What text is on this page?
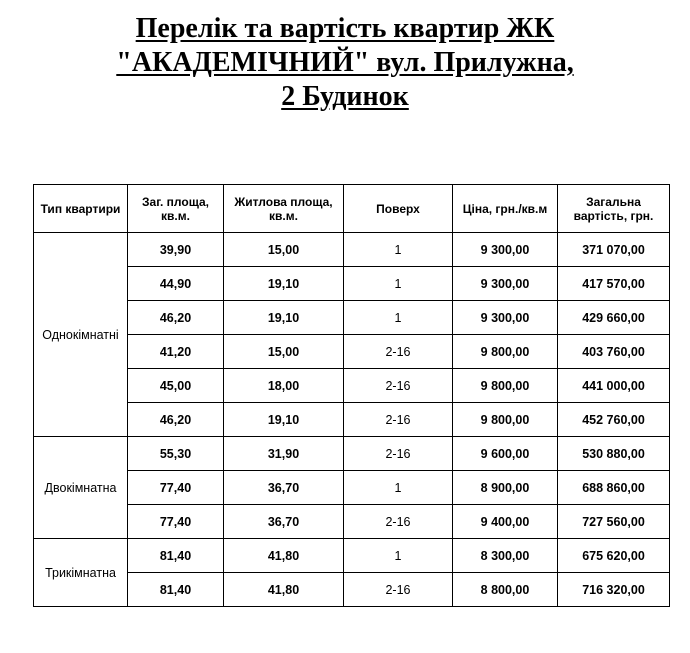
Перелік та вартість квартир ЖК
"АКАДЕМІЧНИЙ" вул. Прилужна,
2 Будинок
Тип квартири	Заг. площа, кв.м.	Житлова площа, кв.м.	Поверх	Ціна, грн./кв.м	Загальна вартість, грн.
Однокімнатні	39,90	15,00	1	9 300,00	371 070,00
	44,90	19,10	1	9 300,00	417 570,00
	46,20	19,10	1	9 300,00	429 660,00
	41,20	15,00	2-16	9 800,00	403 760,00
	45,00	18,00	2-16	9 800,00	441 000,00
	46,20	19,10	2-16	9 800,00	452 760,00
Двокімнатна	55,30	31,90	2-16	9 600,00	530 880,00
	77,40	36,70	1	8 900,00	688 860,00
	77,40	36,70	2-16	9 400,00	727 560,00
Трикімнатна	81,40	41,80	1	8 300,00	675 620,00
	81,40	41,80	2-16	8 800,00	716 320,00
